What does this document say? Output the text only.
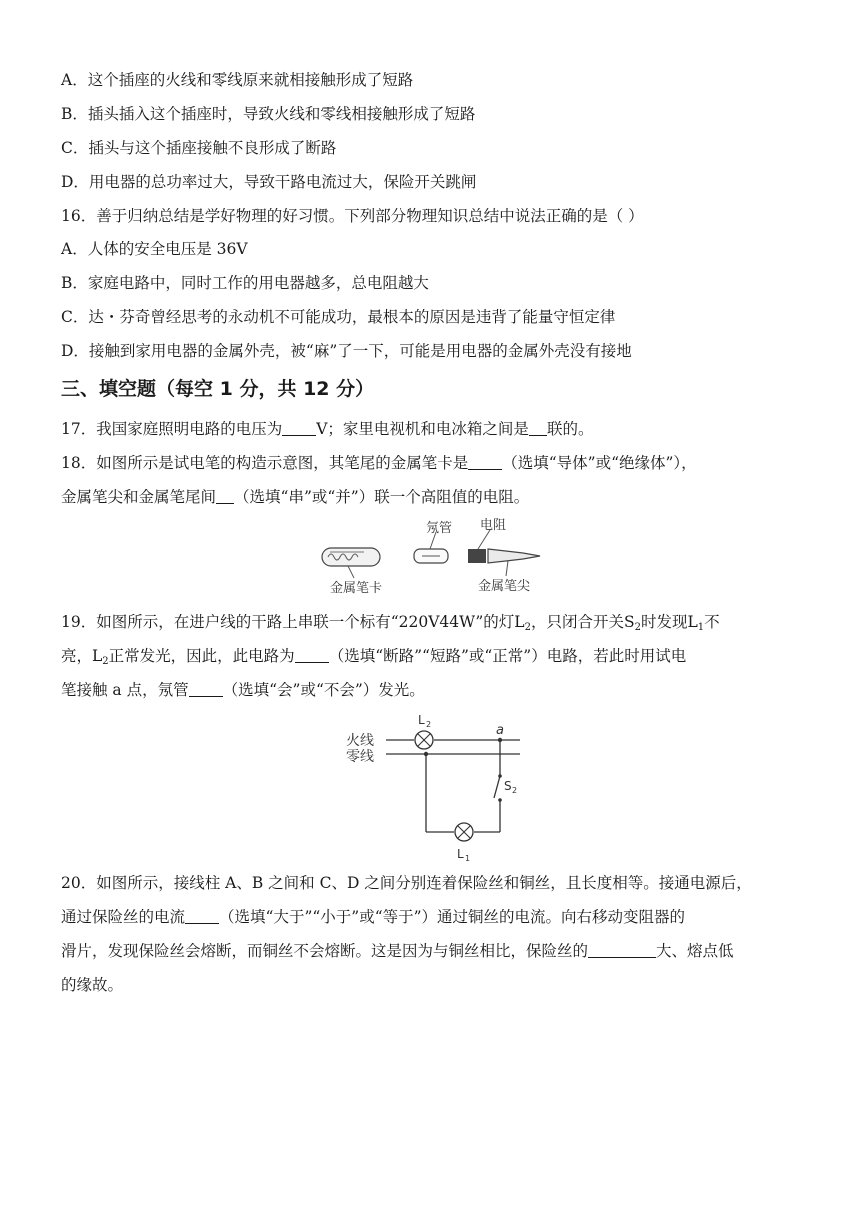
A．这个插座的火线和零线原来就相接触形成了短路
B．插头插入这个插座时，导致火线和零线相接触形成了短路
C．插头与这个插座接触不良形成了断路
D．用电器的总功率过大，导致干路电流过大，保险开关跳闸
16．善于归纳总结是学好物理的好习惯。下列部分物理知识总结中说法正确的是（ ）
A．人体的安全电压是 36V
B．家庭电路中，同时工作的用电器越多，总电阻越大
C．达・芬奇曾经思考的永动机不可能成功，最根本的原因是违背了能量守恒定律
D．接触到家用电器的金属外壳，被“麻”了一下，可能是用电器的金属外壳没有接地
三、填空题（每空 1 分，共 12 分）
17．我国家庭照明电路的电压为 V；家里电视机和电冰箱之间是 联的。
18．如图所示是试电笔的构造示意图，其笔尾的金属笔卡是 （选填“导体”或“绝缘体”），
金属笔尖和金属笔尾间 （选填“串”或“并”）联一个高阻值的电阻。
氖管 电阻
金属笔卡	金属笔尖
19．如图所示，在进户线的干路上串联一个标有“220V44W”的灯$L_2$，只闭合开关$S_2$时发现$L_1$不
亮，$L_2$正常发光，因此，此电路为 （选填“断路”“短路”或“正常”）电路，若此时用试电
笔接触 a 点，氖管 （选填“会”或“不会”）发光。
火线
零线
L 2	a
S 2
L 1
20．如图所示，接线柱 A、B 之间和 C、D 之间分别连着保险丝和铜丝，且长度相等。接通电源后，
通过保险丝的电流 （选填“大于”“小于”或“等于”）通过铜丝的电流。向右移动变阻器的
滑片，发现保险丝会熔断，而铜丝不会熔断。这是因为与铜丝相比，保险丝的	大、熔点低
的缘故。
